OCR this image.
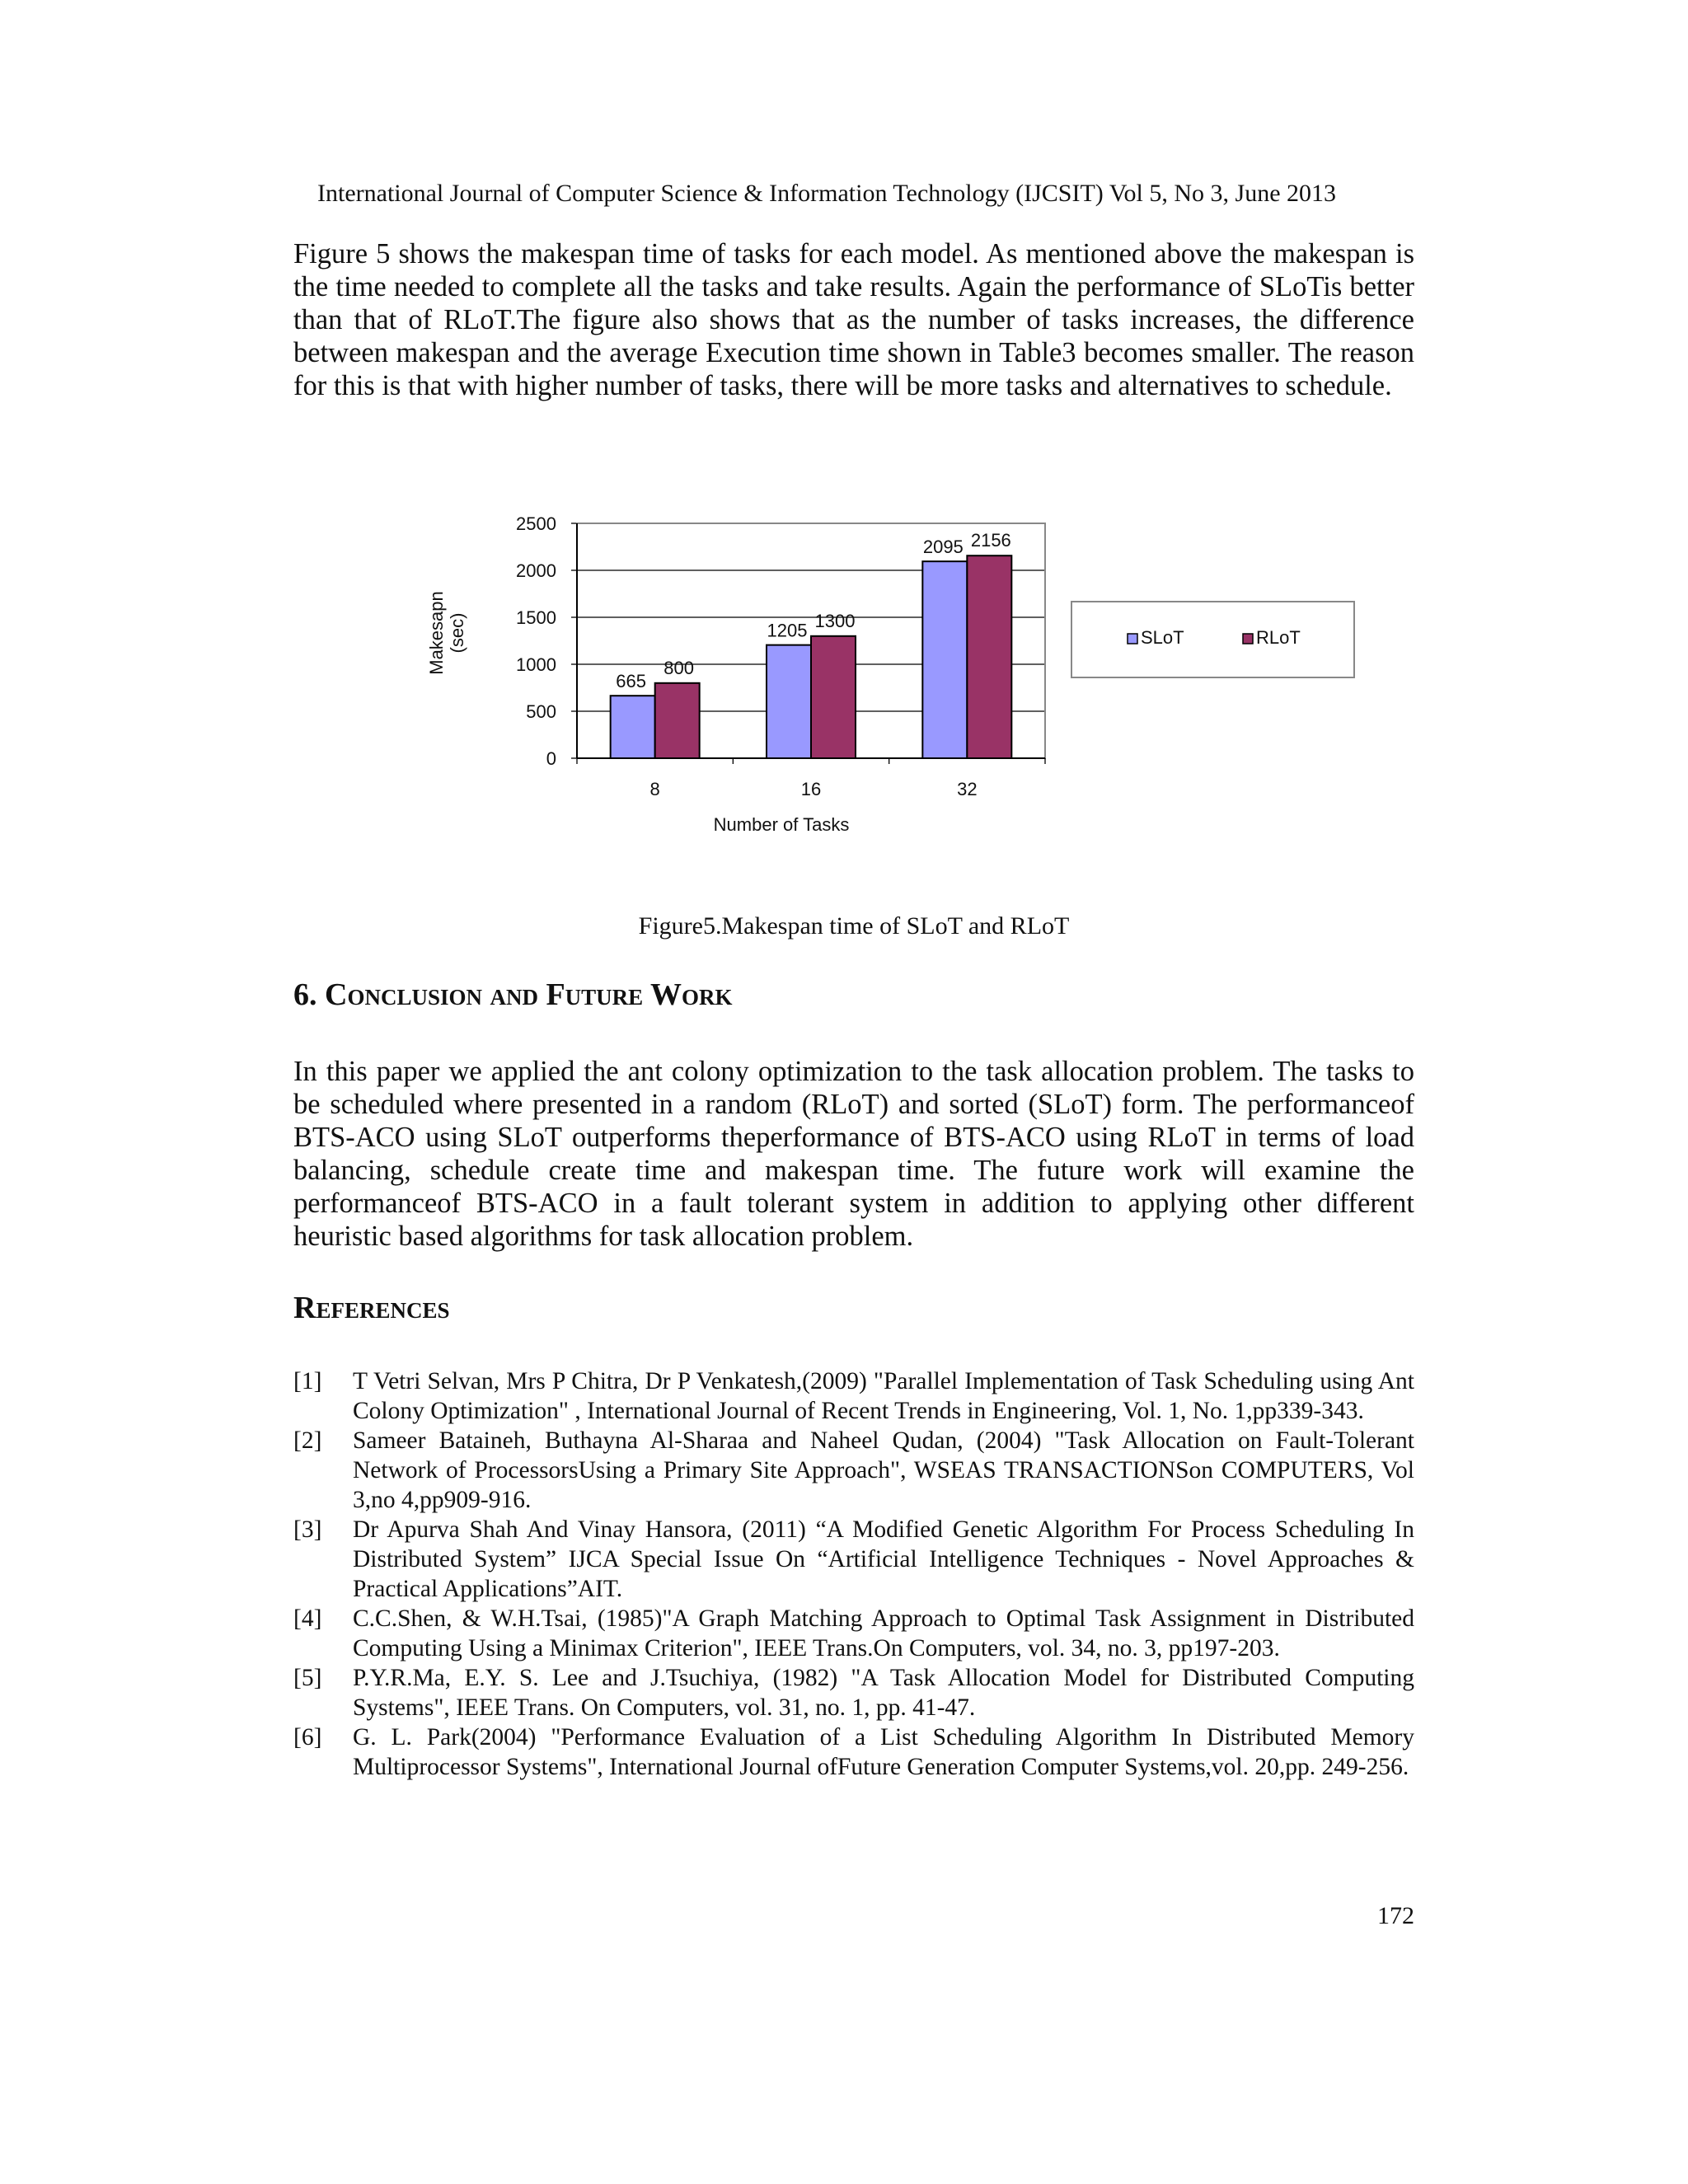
International Journal of Computer Science & Information Technology (IJCSIT) Vol 5, No 3, June 2013

Figure 5 shows the makespan time of tasks for each model. As mentioned above the makespan is the time needed to complete all the tasks and take results. Again the performance of SLoTis better than that of RLoT.The figure also shows that as the number of tasks increases, the difference between makespan and the average Execution time shown in Table3 becomes smaller. The reason for this is that with higher number of tasks, there will be more tasks and alternatives to schedule.

0
500
1000
1500
2000
2500
665
800
8
1205 1300
16
2095 2156
32
Number of Tasks
Makesapn (sec)	SLoT	RLoT
Figure5.Makespan time of SLoT and RLoT
6. Conclusion and Future Work

In this paper we applied the ant colony optimization to the task allocation problem. The tasks to be scheduled where presented in a random (RLoT) and sorted (SLoT) form. The performanceof BTS-ACO using SLoT outperforms theperformance of BTS-ACO using RLoT in terms of load balancing, schedule create time and makespan time. The future work will examine the performanceof BTS-ACO in a fault tolerant system in addition to applying other different heuristic based algorithms for task allocation problem.

References
[1] T Vetri Selvan, Mrs P Chitra, Dr P Venkatesh,(2009) "Parallel Implementation of Task Scheduling using Ant Colony Optimization" , International Journal of Recent Trends in Engineering, Vol. 1, No. 1,pp339-343.
[2] Sameer Bataineh, Buthayna Al-Sharaa and Naheel Qudan, (2004) "Task Allocation on Fault-Tolerant Network of ProcessorsUsing a Primary Site Approach", WSEAS TRANSACTIONSon COMPUTERS, Vol 3,no 4,pp909-916.
[3] Dr Apurva Shah And Vinay Hansora, (2011) “A Modified Genetic Algorithm For Process Scheduling In Distributed System” IJCA Special Issue On “Artificial Intelligence Techniques - Novel Approaches & Practical Applications”AIT.
[4] C.C.Shen, & W.H.Tsai, (1985)"A Graph Matching Approach to Optimal Task Assignment in Distributed Computing Using a Minimax Criterion", IEEE Trans.On Computers, vol. 34, no. 3, pp197-203.
[5] P.Y.R.Ma, E.Y. S. Lee and J.Tsuchiya, (1982) "A Task Allocation Model for Distributed Computing Systems", IEEE Trans. On Computers, vol. 31, no. 1, pp. 41-47.
[6] G. L. Park(2004) "Performance Evaluation of a List Scheduling Algorithm In Distributed Memory Multiprocessor Systems", International Journal ofFuture Generation Computer Systems,vol. 20,pp. 249-256.
172
